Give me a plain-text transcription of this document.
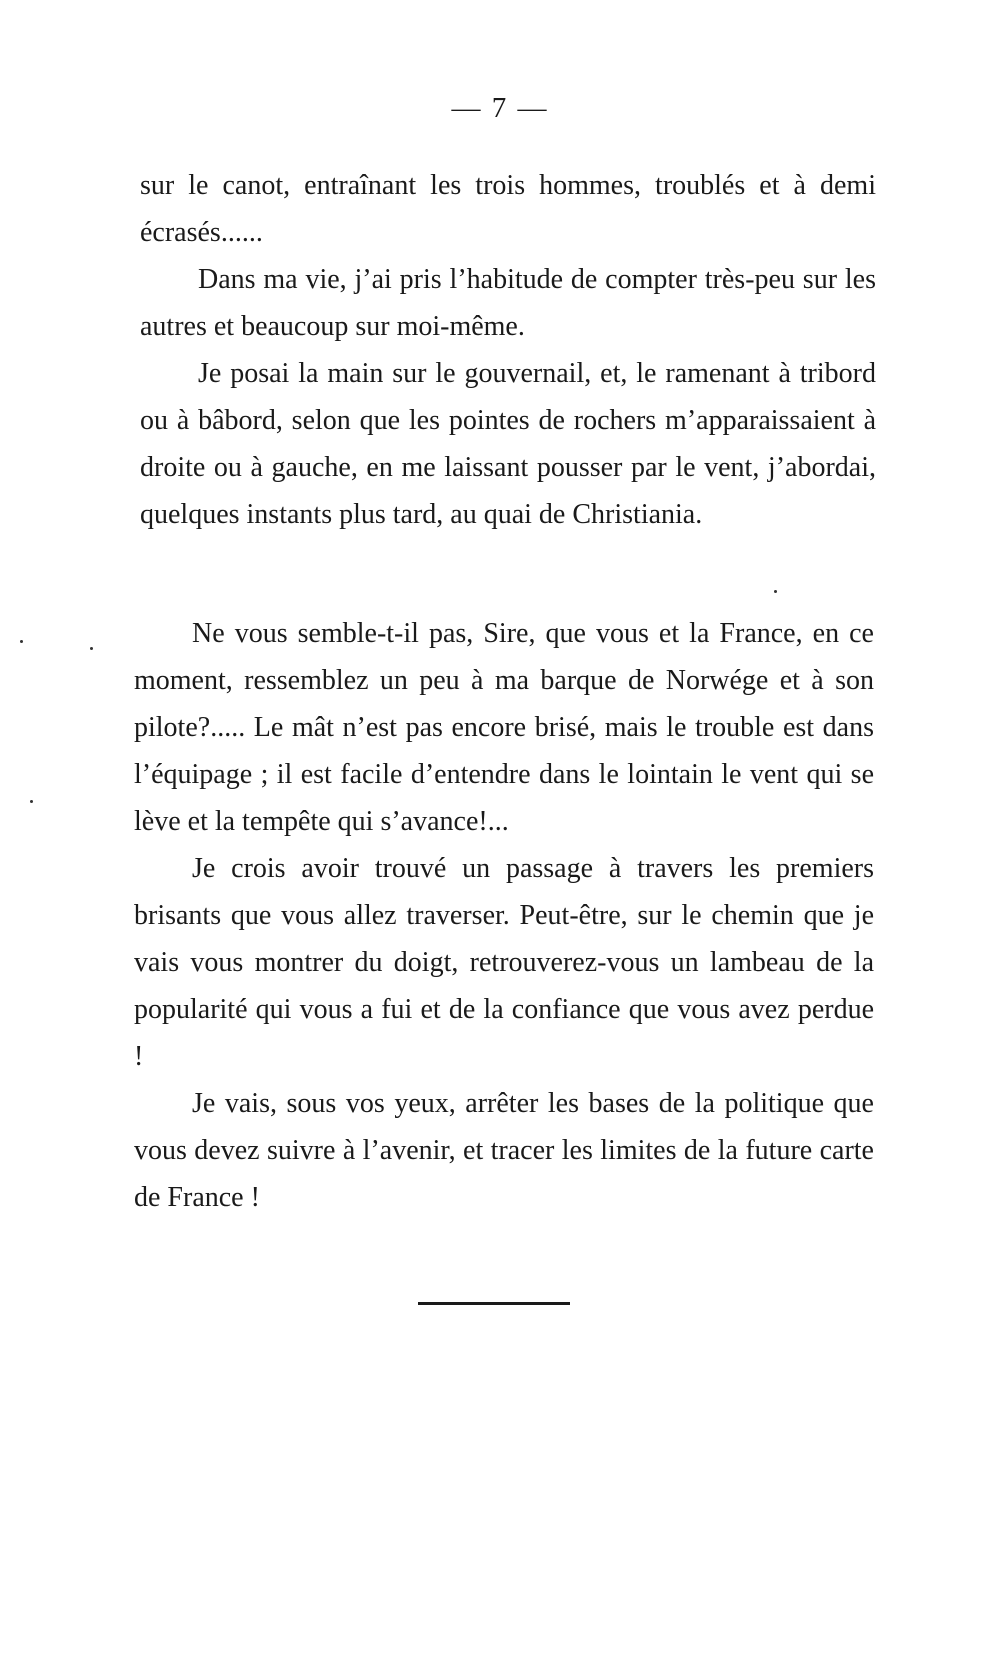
— 7 —

sur le canot, entraînant les trois hommes, troublés et à demi écrasés......

Dans ma vie, j’ai pris l’habitude de compter très-peu sur les autres et beaucoup sur moi-même.

Je posai la main sur le gouvernail, et, le ramenant à tribord ou à bâbord, selon que les pointes de rochers m’apparaissaient à droite ou à gauche, en me laissant pousser par le vent, j’abordai, quelques instants plus tard, au quai de Christiania.

Ne vous semble-t-il pas, Sire, que vous et la France, en ce moment, ressemblez un peu à ma barque de Norwége et à son pilote?..... Le mât n’est pas encore brisé, mais le trouble est dans l’équipage ; il est facile d’entendre dans le lointain le vent qui se lève et la tempête qui s’avance!...

Je crois avoir trouvé un passage à travers les premiers brisants que vous allez traverser. Peut-être, sur le chemin que je vais vous montrer du doigt, retrouverez-vous un lambeau de la popularité qui vous a fui et de la confiance que vous avez perdue !

Je vais, sous vos yeux, arrêter les bases de la politique que vous devez suivre à l’avenir, et tracer les limites de la future carte de France !
